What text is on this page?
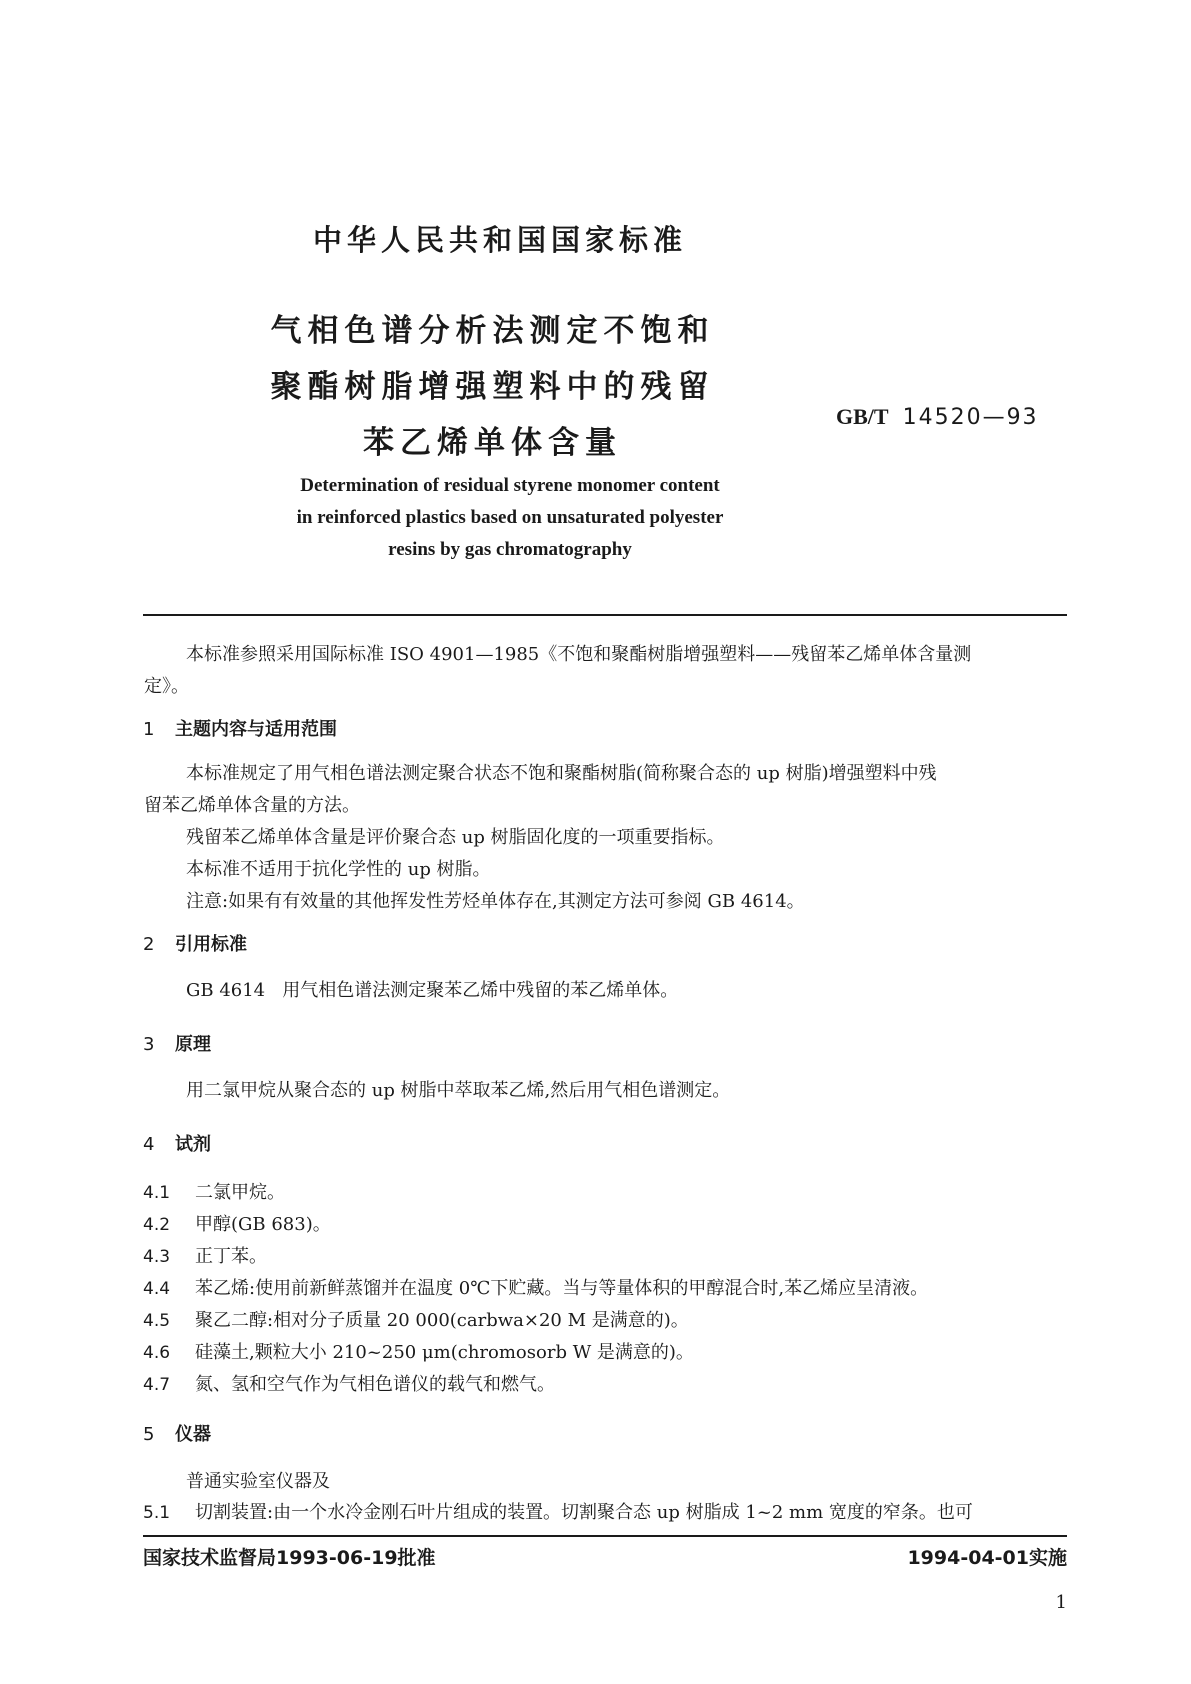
中华人民共和国国家标准
气相色谱分析法测定不饱和
聚酯树脂增强塑料中的残留
苯乙烯单体含量
GB/T 14520—93
Determination of residual styrene monomer content
in reinforced plastics based on unsaturated polyester
resins by gas chromatography
本标准参照采用国际标准 ISO 4901—1985《不饱和聚酯树脂增强塑料——残留苯乙烯单体含量测
定》。
1 主题内容与适用范围
本标准规定了用气相色谱法测定聚合状态不饱和聚酯树脂(简称聚合态的 up 树脂)增强塑料中残
留苯乙烯单体含量的方法。
残留苯乙烯单体含量是评价聚合态 up 树脂固化度的一项重要指标。
本标准不适用于抗化学性的 up 树脂。
注意:如果有有效量的其他挥发性芳烃单体存在,其测定方法可参阅 GB 4614。
2 引用标准
GB 4614   用气相色谱法测定聚苯乙烯中残留的苯乙烯单体。
3 原理
用二氯甲烷从聚合态的 up 树脂中萃取苯乙烯,然后用气相色谱测定。
4 试剂
4.1 二氯甲烷。
4.2 甲醇(GB 683)。
4.3 正丁苯。
4.4 苯乙烯:使用前新鲜蒸馏并在温度 0℃下贮藏。当与等量体积的甲醇混合时,苯乙烯应呈清液。
4.5 聚乙二醇:相对分子质量 20 000(carbwa×20 M 是满意的)。
4.6 硅藻土,颗粒大小 210~250 μm(chromosorb W 是满意的)。
4.7 氮、氢和空气作为气相色谱仪的载气和燃气。
5 仪器
普通实验室仪器及
5.1 切割装置:由一个水冷金刚石叶片组成的装置。切割聚合态 up 树脂成 1~2 mm 宽度的窄条。也可
国家技术监督局1993-06-19批准	1994-04-01实施
1
